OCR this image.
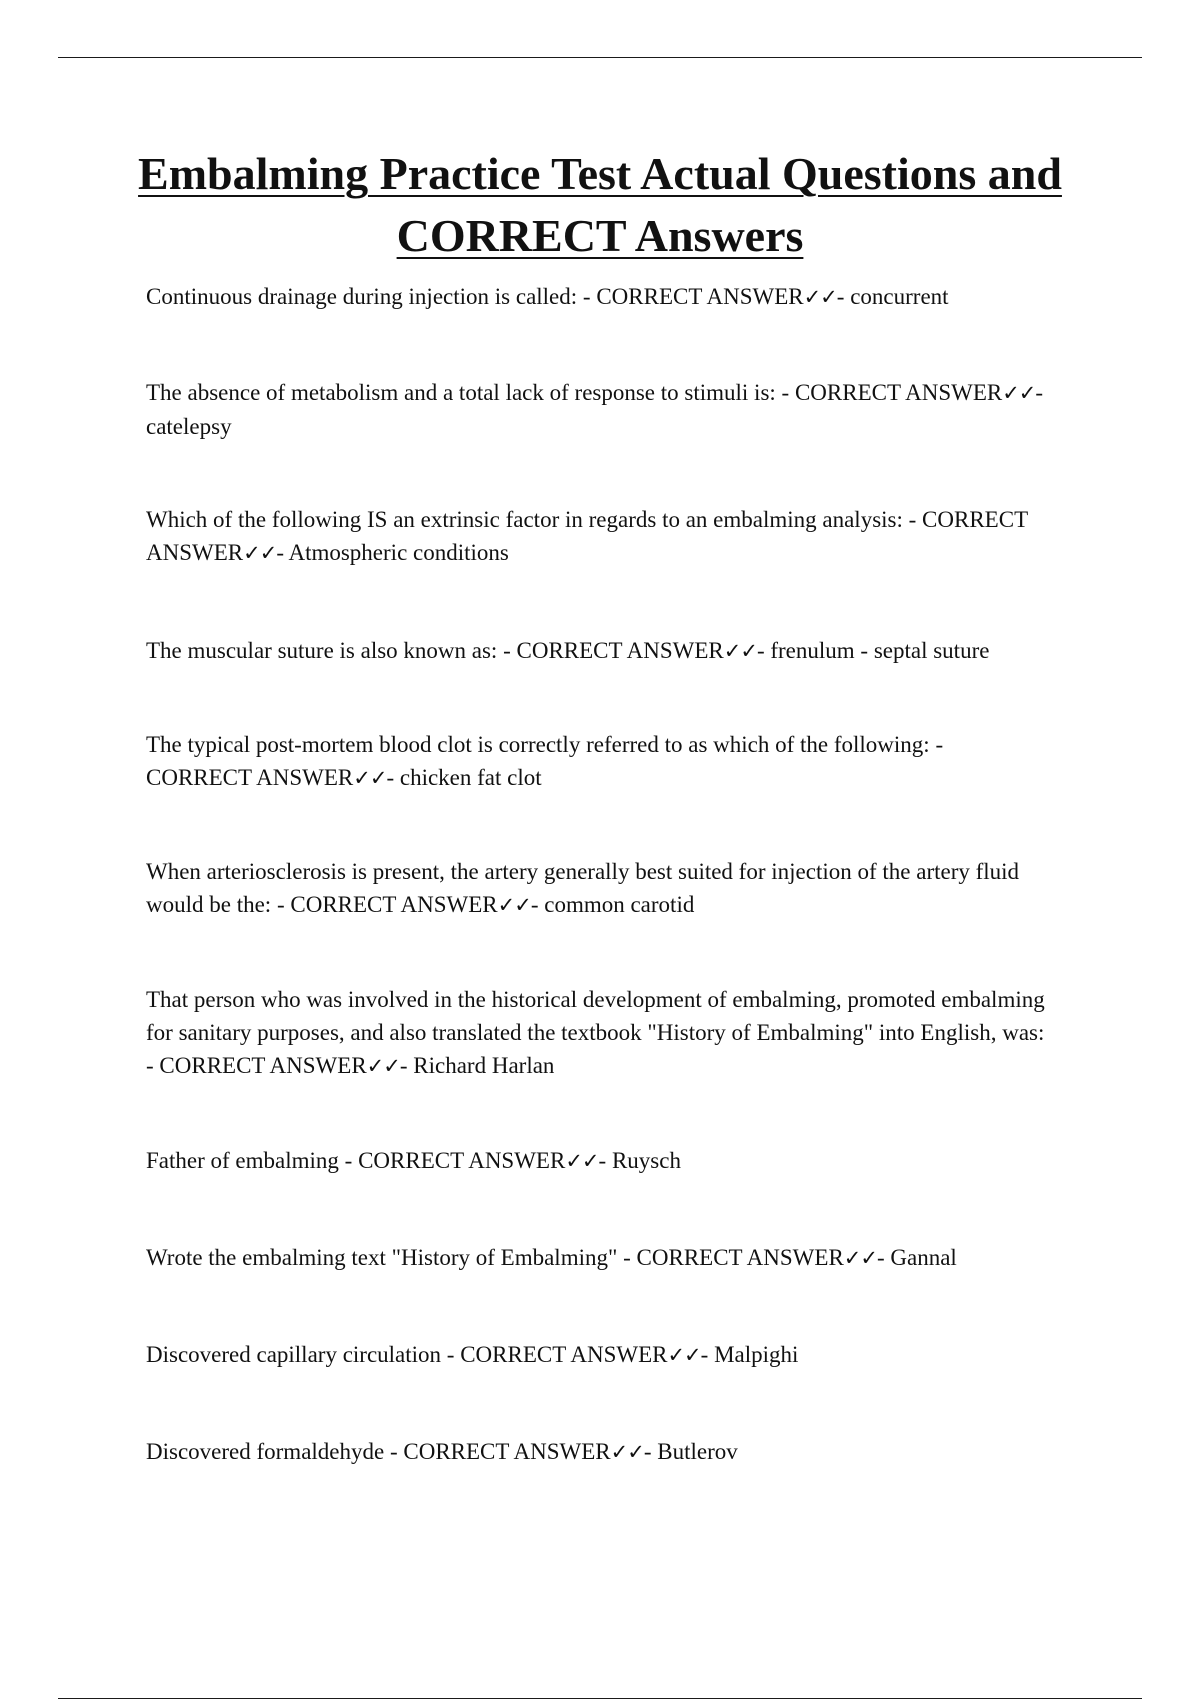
Embalming Practice Test Actual Questions and CORRECT Answers

Continuous drainage during injection is called: - CORRECT ANSWER✓✓- concurrent

The absence of metabolism and a total lack of response to stimuli is: - CORRECT ANSWER✓✓- catelepsy

Which of the following IS an extrinsic factor in regards to an embalming analysis: - CORRECT ANSWER✓✓- Atmospheric conditions

The muscular suture is also known as: - CORRECT ANSWER✓✓- frenulum - septal suture

The typical post-mortem blood clot is correctly referred to as which of the following: - CORRECT ANSWER✓✓- chicken fat clot

When arteriosclerosis is present, the artery generally best suited for injection of the artery fluid would be the: - CORRECT ANSWER✓✓- common carotid

That person who was involved in the historical development of embalming, promoted embalming for sanitary purposes, and also translated the textbook "History of Embalming" into English, was: - CORRECT ANSWER✓✓- Richard Harlan

Father of embalming - CORRECT ANSWER✓✓- Ruysch

Wrote the embalming text "History of Embalming" - CORRECT ANSWER✓✓- Gannal

Discovered capillary circulation - CORRECT ANSWER✓✓- Malpighi

Discovered formaldehyde - CORRECT ANSWER✓✓- Butlerov
